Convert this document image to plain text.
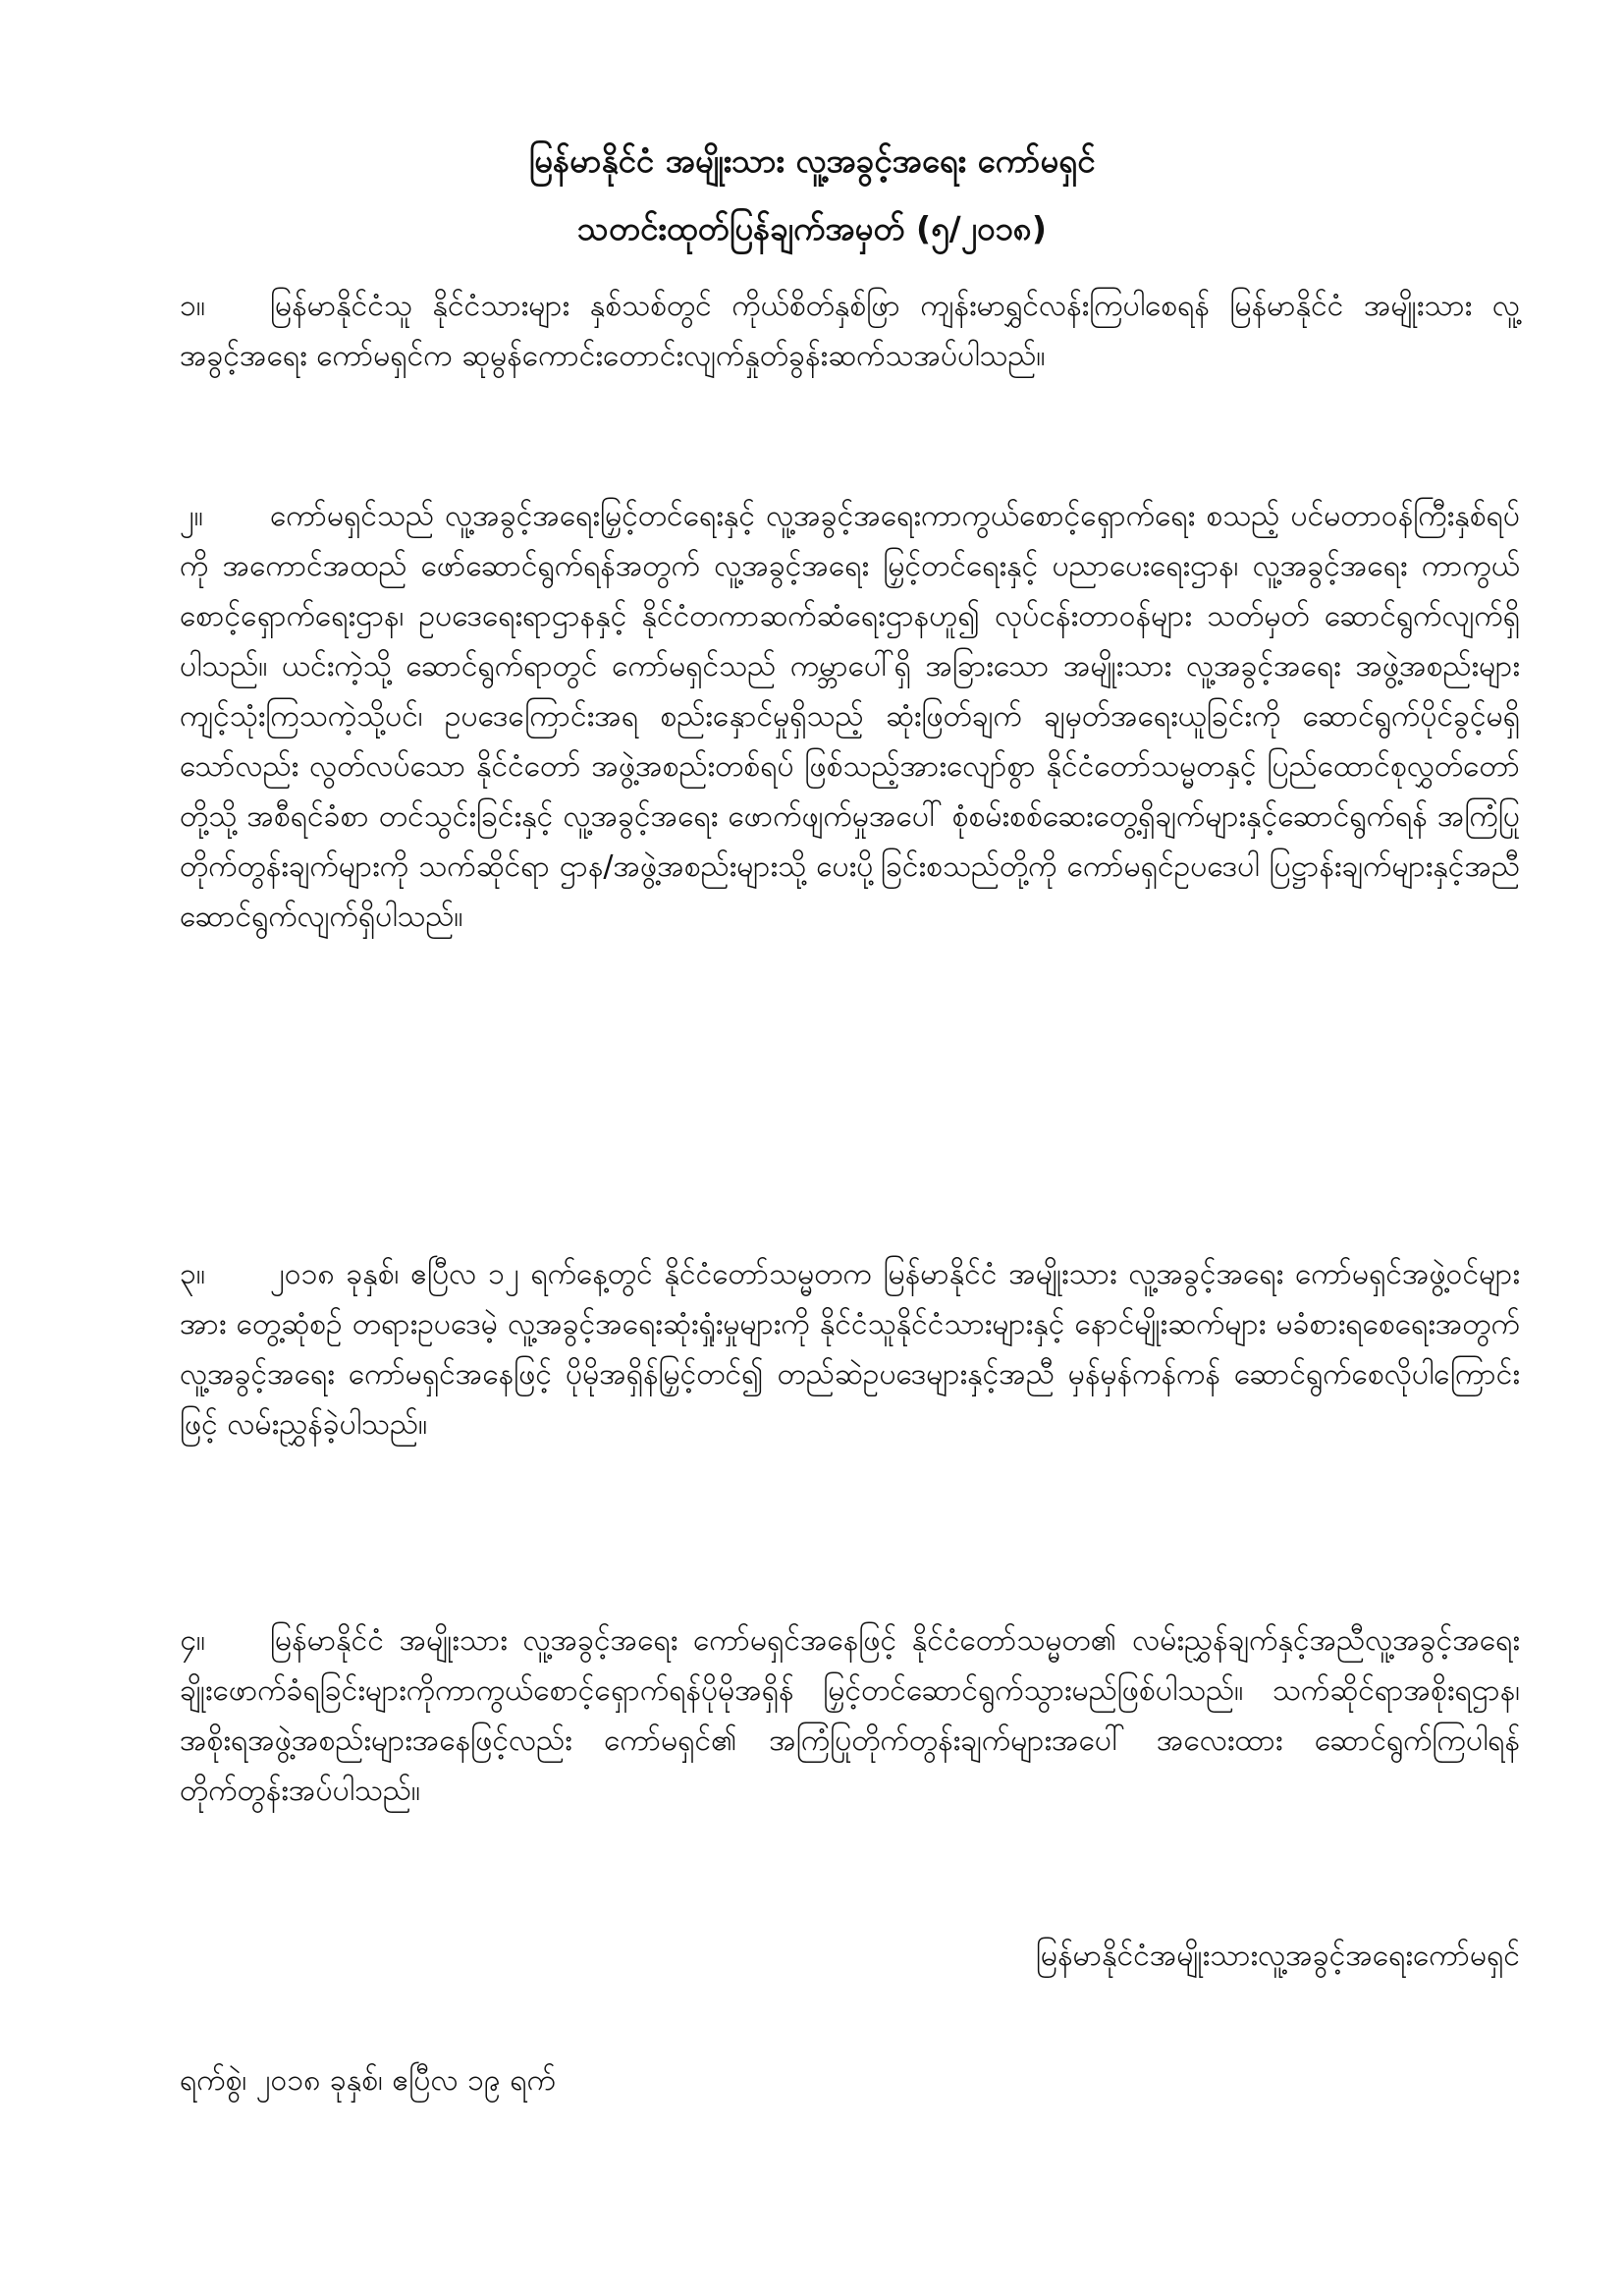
မြန်မာနိုင်ငံ အမျိုးသား လူ့အခွင့်အရေး ကော်မရှင်
သတင်းထုတ်ပြန်ချက်အမှတ် (၅/၂၀၁၈)
၁။ မြန်မာနိုင်ငံသူ နိုင်ငံသားများ နှစ်သစ်တွင် ကိုယ်စိတ်နှစ်ဖြာ ကျန်းမာရွှင်လန်းကြပါစေရန် မြန်မာနိုင်ငံ အမျိုးသား လူ့အခွင့်အရေး ကော်မရှင်က ဆုမွန်ကောင်းတောင်းလျက်နှုတ်ခွန်းဆက်သအပ်ပါသည်။
၂။ ကော်မရှင်သည် လူ့အခွင့်အရေးမြှင့်တင်ရေးနှင့် လူ့အခွင့်အရေးကာကွယ်စောင့်ရှောက်ရေး စသည့် ပင်မတာဝန်ကြီးနှစ်ရပ်ကို အကောင်အထည် ဖော်ဆောင်ရွက်ရန်အတွက် လူ့အခွင့်အရေး မြှင့်တင်ရေးနှင့် ပညာပေးရေးဌာန၊ လူ့အခွင့်အရေး ကာကွယ်စောင့်ရှောက်ရေးဌာန၊ ဥပဒေရေးရာဌာနနှင့် နိုင်ငံတကာဆက်ဆံရေးဌာနဟူ၍ လုပ်ငန်းတာဝန်များ သတ်မှတ် ဆောင်ရွက်လျက်ရှိပါသည်။ ယင်းကဲ့သို့ ဆောင်ရွက်ရာတွင် ကော်မရှင်သည် ကမ္ဘာပေါ်ရှိ အခြားသော အမျိုးသား လူ့အခွင့်အရေး အဖွဲ့အစည်းများကျင့်သုံးကြသကဲ့သို့ပင်၊ ဥပဒေကြောင်းအရ စည်းနှောင်မှုရှိသည့် ဆုံးဖြတ်ချက် ချမှတ်အရေးယူခြင်းကို ဆောင်ရွက်ပိုင်ခွင့်မရှိသော်လည်း လွတ်လပ်သော နိုင်ငံတော် အဖွဲ့အစည်းတစ်ရပ် ဖြစ်သည့်အားလျော်စွာ နိုင်ငံတော်သမ္မတနှင့် ပြည်ထောင်စုလွှတ်တော်တို့သို့ အစီရင်ခံစာ တင်သွင်းခြင်းနှင့် လူ့အခွင့်အရေး ဖောက်ဖျက်မှုအပေါ် စုံစမ်းစစ်ဆေးတွေ့ရှိချက်များနှင့်ဆောင်ရွက်ရန် အကြံပြုတိုက်တွန်းချက်များကို သက်ဆိုင်ရာ ဌာန/အဖွဲ့အစည်းများသို့ ပေးပို့ခြင်းစသည်တို့ကို ကော်မရှင်ဥပဒေပါ ပြဋ္ဌာန်းချက်များနှင့်အညီ ဆောင်ရွက်လျက်ရှိပါသည်။
၃။ ၂၀၁၈ ခုနှစ်၊ ဧပြီလ ၁၂ ရက်နေ့တွင် နိုင်ငံတော်သမ္မတက မြန်မာနိုင်ငံ အမျိုးသား လူ့အခွင့်အရေး ကော်မရှင်အဖွဲ့ဝင်များအား တွေ့ဆုံစဉ် တရားဥပဒေမဲ့ လူ့အခွင့်အရေးဆုံးရှုံးမှုများကို နိုင်ငံသူနိုင်ငံသားများနှင့် နောင်မျိုးဆက်များ မခံစားရစေရေးအတွက် လူ့အခွင့်အရေး ကော်မရှင်အနေဖြင့် ပိုမိုအရှိန်မြှင့်တင်၍ တည်ဆဲဥပဒေများနှင့်အညီ မှန်မှန်ကန်ကန် ဆောင်ရွက်စေလိုပါကြောင်းဖြင့် လမ်းညွှန်ခဲ့ပါသည်။
၄။ မြန်မာနိုင်ငံ အမျိုးသား လူ့အခွင့်အရေး ကော်မရှင်အနေဖြင့် နိုင်ငံတော်သမ္မတ၏ လမ်းညွှန်ချက်နှင့်အညီလူ့အခွင့်အရေးချိုးဖောက်ခံရခြင်းများကိုကာကွယ်စောင့်ရှောက်ရန်ပိုမိုအရှိန် မြှင့်တင်ဆောင်ရွက်သွားမည်ဖြစ်ပါသည်။ သက်ဆိုင်ရာအစိုးရဌာန၊ အစိုးရအဖွဲ့အစည်းများအနေဖြင့်လည်း ကော်မရှင်၏ အကြံပြုတိုက်တွန်းချက်များအပေါ် အလေးထား ဆောင်ရွက်ကြပါရန် တိုက်တွန်းအပ်ပါသည်။
မြန်မာနိုင်ငံအမျိုးသားလူ့အခွင့်အရေးကော်မရှင်
ရက်စွဲ၊ ၂၀၁၈ ခုနှစ်၊ ဧပြီလ ၁၉ ရက်
